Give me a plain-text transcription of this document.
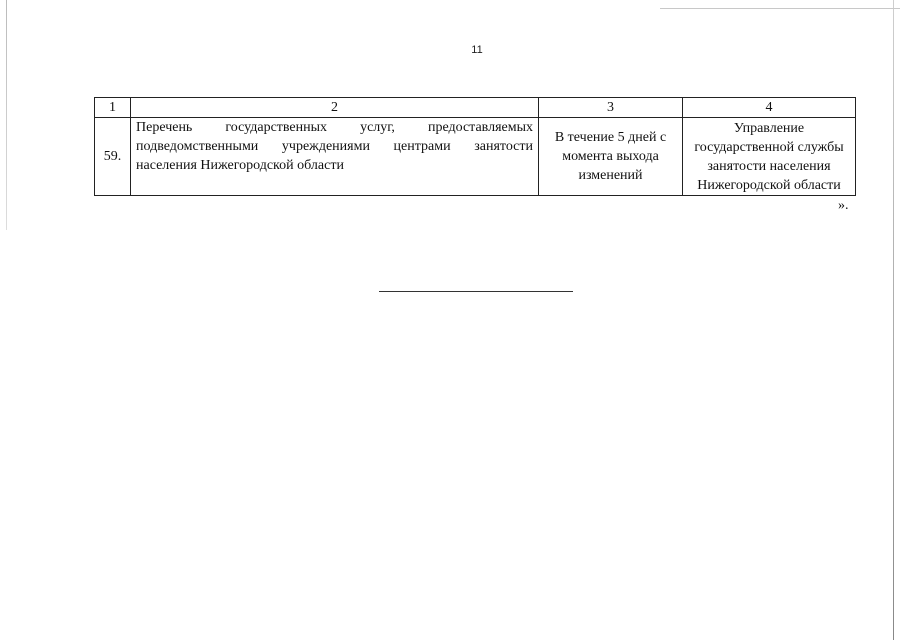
11
1	2	3	4
59.	Перечень государственных услуг, предоставляемых подведомственными учреждениями центрами занятости населения Нижегородской области	В течение 5 дней с момента выхода изменений	Управление государственной службы занятости населения Нижегородской области
».
